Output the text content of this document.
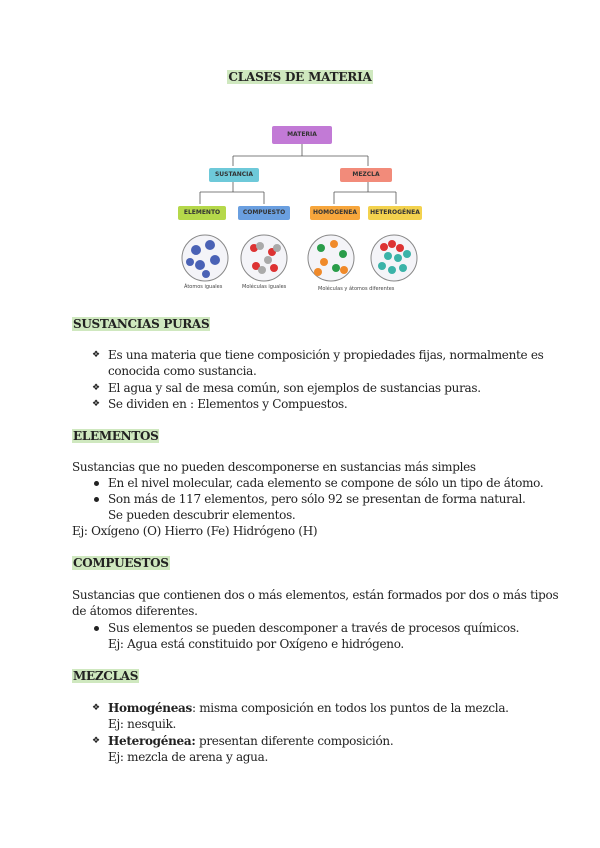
CLASES DE MATERIA
Átomos iguales	Moléculas iguales	Moléculas y átomos diferentes
MATERIA
SUSTANCIA	MEZCLA
ELEMENTO	COMPUESTO	HOMOGENEA	HETEROGÉNEA
SUSTANCIAS PURAS
❖ Es una materia que tiene composición y propiedades fijas, normalmente es
conocida como sustancia.
❖ El agua y sal de mesa común, son ejemplos de sustancias puras.
❖ Se dividen en : Elementos y Compuestos.
ELEMENTOS
Sustancias que no pueden descomponerse en sustancias más simples
En el nivel molecular, cada elemento se compone de sólo un tipo de átomo.
Son más de 117 elementos, pero sólo 92 se presentan de forma natural.
Se pueden descubrir elementos.
Ej: Oxígeno (O) Hierro (Fe) Hidrógeno (H)
COMPUESTOS
Sustancias que contienen dos o más elementos, están formados por dos o más tipos
de átomos diferentes.
Sus elementos se pueden descomponer a través de procesos químicos.
Ej: Agua está constituido por Oxígeno e hidrógeno.
MEZCLAS
❖ Homogéneas: misma composición en todos los puntos de la mezcla.
Ej: nesquik.
❖ Heterogénea: presentan diferente composición.
Ej: mezcla de arena y agua.
